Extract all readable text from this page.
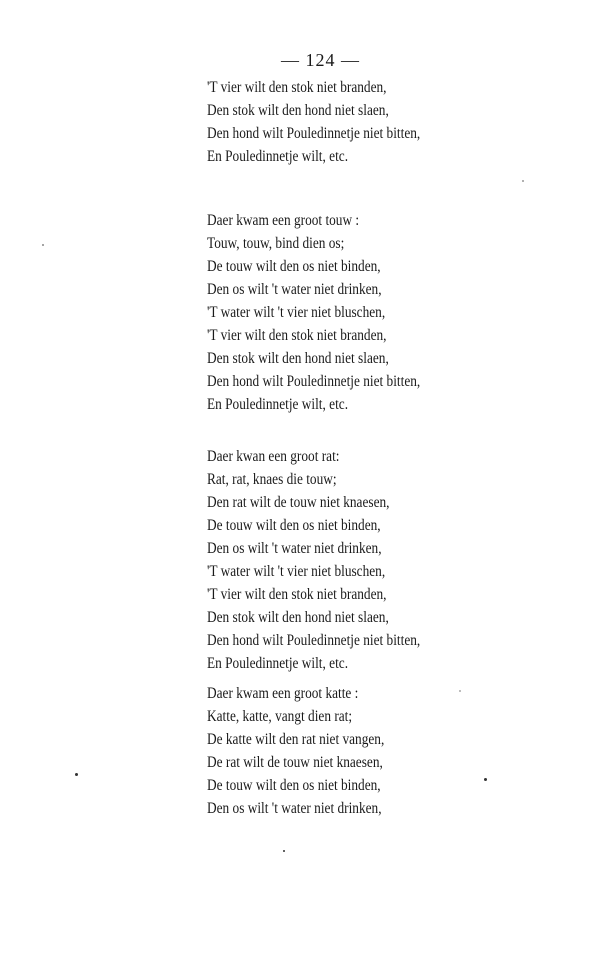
— 124 —
'T vier wilt den stok niet branden,
Den stok wilt den hond niet slaen,
Den hond wilt Pouledinnetje niet bitten,
En Pouledinnetje wilt, etc.
Daer kwam een groot touw :
Touw, touw, bind dien os;
De touw wilt den os niet binden,
Den os wilt 't water niet drinken,
'T water wilt 't vier niet bluschen,
'T vier wilt den stok niet branden,
Den stok wilt den hond niet slaen,
Den hond wilt Pouledinnetje niet bitten,
En Pouledinnetje wilt, etc.
Daer kwan een groot rat:
Rat, rat, knaes die touw;
Den rat wilt de touw niet knaesen,
De touw wilt den os niet binden,
Den os wilt 't water niet drinken,
'T water wilt 't vier niet bluschen,
'T vier wilt den stok niet branden,
Den stok wilt den hond niet slaen,
Den hond wilt Pouledinnetje niet bitten,
En Pouledinnetje wilt, etc.
Daer kwam een groot katte :
Katte, katte, vangt dien rat;
De katte wilt den rat niet vangen,
De rat wilt de touw niet knaesen,
De touw wilt den os niet binden,
Den os wilt 't water niet drinken,
